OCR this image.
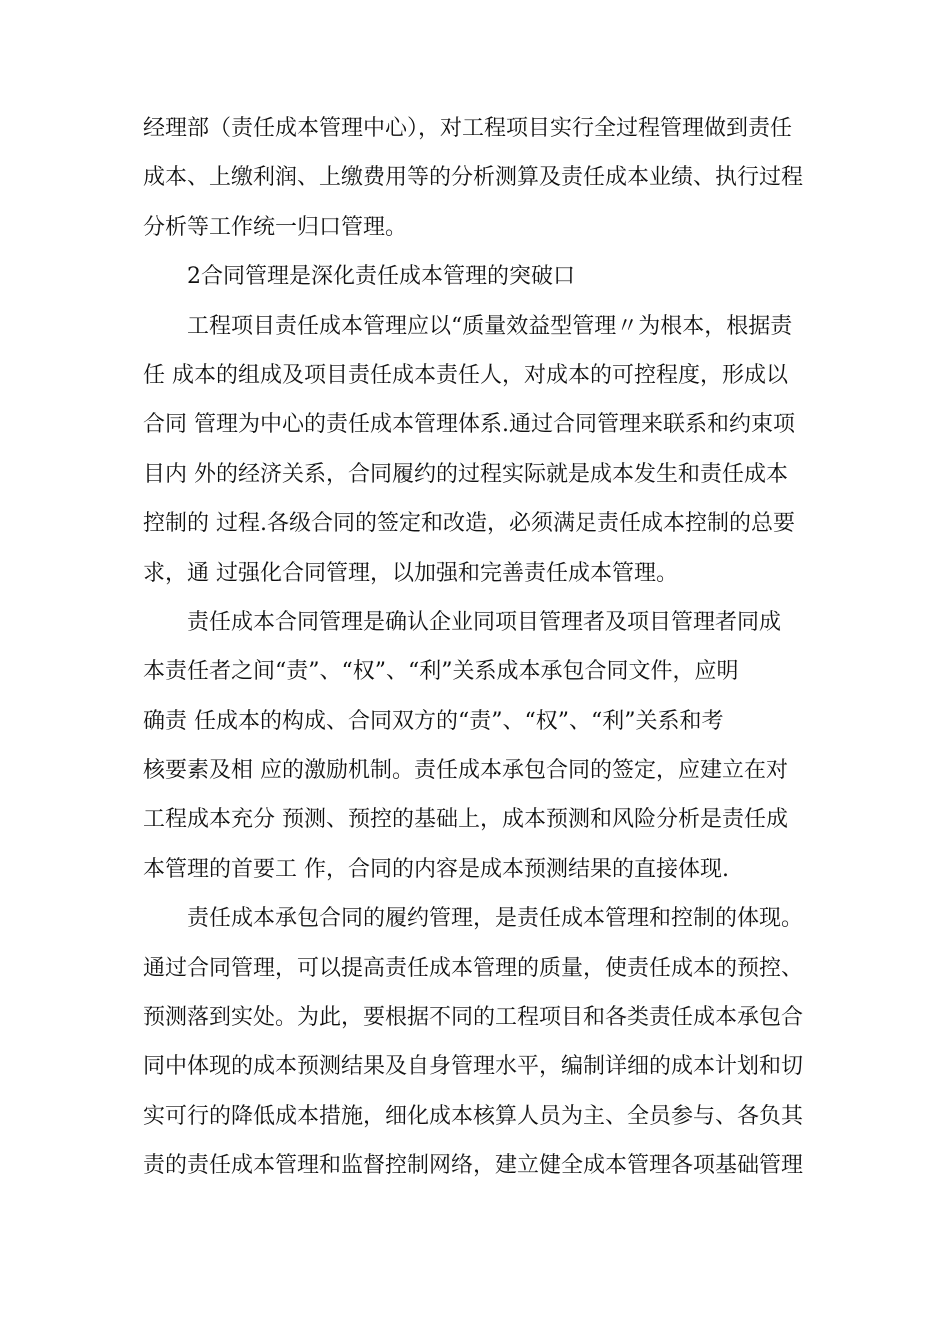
经理部（责任成本管理中心），对工程项目实行全过程管理做到责任
成本、上缴利润、上缴费用等的分析测算及责任成本业绩、执行过程
分析等工作统一归口管理。
2合同管理是深化责任成本管理的突破口
工程项目责任成本管理应以“质量效益型管理〃为根本，根据责
任 成本的组成及项目责任成本责任人，对成本的可控程度，形成以
合同 管理为中心的责任成本管理体系.通过合同管理来联系和约束项
目内 外的经济关系，合同履约的过程实际就是成本发生和责任成本
控制的 过程.各级合同的签定和改造，必须满足责任成本控制的总要
求，通 过强化合同管理，以加强和完善责任成本管理。
责任成本合同管理是确认企业同项目管理者及项目管理者同成
本责任者之间“责”、“权”、“利”关系成本承包合同文件，应明
确责 任成本的构成、合同双方的“责”、“权”、“利”关系和考
核要素及相 应的激励机制。责任成本承包合同的签定，应建立在对
工程成本充分 预测、预控的基础上，成本预测和风险分析是责任成
本管理的首要工 作，合同的内容是成本预测结果的直接体现.
责任成本承包合同的履约管理，是责任成本管理和控制的体现。
通过合同管理，可以提高责任成本管理的质量，使责任成本的预控、
预测落到实处。为此，要根据不同的工程项目和各类责任成本承包合
同中体现的成本预测结果及自身管理水平，编制详细的成本计划和切
实可行的降低成本措施，细化成本核算人员为主、全员参与、各负其
责的责任成本管理和监督控制网络，建立健全成本管理各项基础管理
